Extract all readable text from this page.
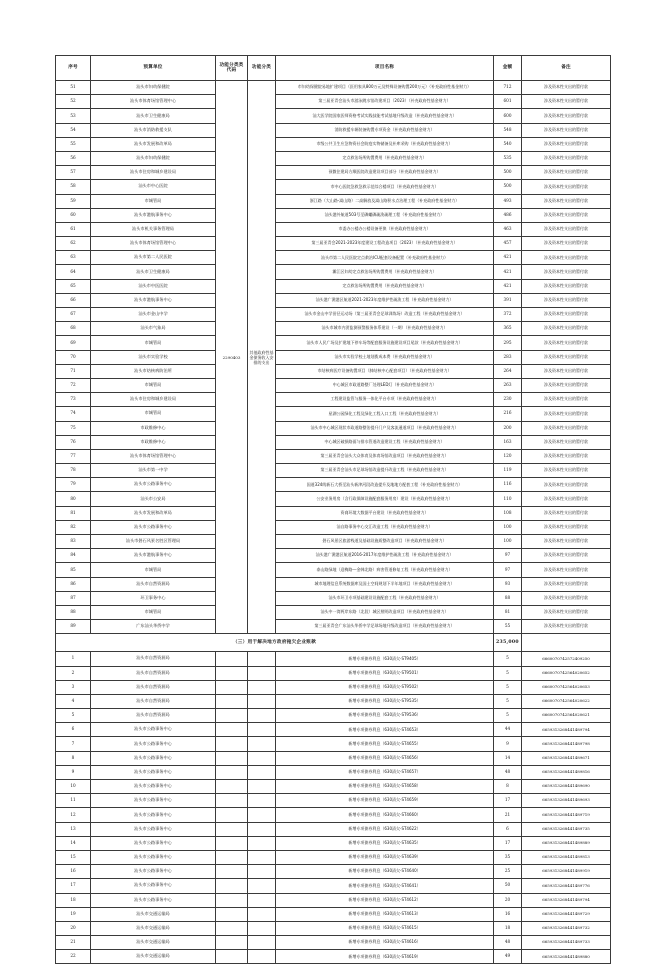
序号	预算单位	功能分类类代码	功能分类	项目名称	金额	备注
51	汕头市妇幼保健院	2290403	其他政府性基金债务收入安排的支出	市妇幼保健院易地扩建项目（医用家具800万元及特殊设备购置200万元）（补充政府性基金财力）	712	涉及资本性支出的暂付款
52	汕头市体育场馆管理中心			第三届亚青会汕头市游泳跳水馆改建项目（2023）（补充政府性基金财力）	601	涉及资本性支出的暂付款
53	汕头市卫生健康局			汕大医学院国家医师资格考试实践技能考试基地升级改造（补充政府性基金财力）	600	涉及资本性支出的暂付款
54	汕头市消防救援支队			消防救援车辆装备购置专项资金（补充政府性基金财力）	548	涉及资本性支出的暂付款
55	汕头市发展和改革局			市级公共卫生应急物资社会防疫实物储备及补库采购（补充政府性基金财力）	540	涉及资本性支出的暂付款
56	汕头市妇幼保健院			定点救治场所购置费用（补充政府性基金财力）	535	涉及资本性支出的暂付款
57	汕头市住房和城乡建设局			预微住建局方顺医院改造建设项目部分（补充政府性基金财力）	500	涉及资本性支出的暂付款
58	汕头市中心医院			市中心医院急救急救示范综合楼项目（补充政府性基金财力）	500	涉及资本性支出的暂付款
59	市城管局			浙江路（大山路-嵩山路）二高解放及嵩山路积水点治理工程（补充政府性基金财力）	493	涉及资本性支出的暂付款
60	汕头市港航事务中心			汕头港外航道503号至磷螺磷疏浚疏理工程（补充政府性基金财力）	486	涉及资本性支出的暂付款
61	汕头市机关事务管理局			市委办公楼办公楼设备更换（补充政府性基金财力）	463	涉及资本性支出的暂付款
62	汕头市体育场馆管理中心			第三届亚青会2021-2023年度建设工程改造项目（2023）（补充政府性基金财力）	457	涉及资本性支出的暂付款
63	汕头市第二人民医院			汕头市第二人民医院定点救治ICU配套设备配置（补充政府性基金财力）	421	涉及资本性支出的暂付款
64	汕头市卫生健康局			濉江区妇幼定点救治场所购置费用（补充政府性基金财力）	421	涉及资本性支出的暂付款
65	汕头市中医医院			定点救治场所购置费用（补充政府性基金财力）	421	涉及资本性支出的暂付款
66	汕头市港航事务中心			汕头港广澳港区航道2021-2023年度维护性疏浚工程（补充政府性基金财力）	391	涉及资本性支出的暂付款
67	汕头市金山中学			汕头市金山中学田径运动场（第三届亚青会足球训练场）改造工程（补充政府性基金财力）	372	涉及资本性支出的暂付款
68	汕头市气象局			汕头市城市内涝监测预警服务体系建设（一期）（补充政府性基金财力）	365	涉及资本性支出的暂付款
69	市城管局			汕头市人民广场及扩建地下停车场等配套服务设施建设项目尾款（补充政府性基金财力）	295	涉及资本性支出的暂付款
70	汕头市实验学校			汕头市实验学校土地划拨成本费（补充政府性基金财力）	283	涉及资本性支出的暂付款
71	汕头市结核病防治所			市结核病医疗设备购置项目（肺结核中心配套项目）（补充政府性基金财力）	264	涉及资本性支出的暂付款
72	市城管局			中心城区市政道路整厂处理LED灯（补充政府性基金财力）	263	涉及资本性支出的暂付款
73	汕头市住房和城乡建设局			工程建设监管与服务一体化平台专项（补充政府性基金财力）	230	涉及资本性支出的暂付款
74	市城管局			星湖公园绿化工程及绿化工程入口工程（补充政府性基金财力）	216	涉及资本性支出的暂付款
75	市政维修中心			汕头市中心城区现状市政道路整治提升门户及客流通道项目（补充政府性基金财力）	200	涉及资本性支出的暂付款
76	市政维修中心			中心城区破损路面与排水管道改造建设工程（补充政府性基金财力）	163	涉及资本性支出的暂付款
77	汕头市体育场馆管理中心			第三届亚青会汕头大众体育及体育场馆改造项目（补充政府性基金财力）	120	涉及资本性支出的暂付款
78	汕头市第一中学			第三届亚青会汕头市足球场馆改造提升改造工程（补充政府性基金财力）	119	涉及资本性支出的暂付款
79	汕头市公路事务中心			国道324线新石大桥至汕头新津河段改造提升及地地方配套工程（补充政府性基金财力）	116	涉及资本性支出的暂付款
80	汕头市公安局			公安业务用房（含行政保障设施配套服务用房）建设（补充政府性基金财力）	110	涉及资本性支出的暂付款
81	汕头市发展和改革局			资商环境大数据平台建设（补充政府性基金财力）	108	涉及资本性支出的暂付款
82	汕头市公路事务中心			汕自路事务中心交汇改造工程（补充政府性基金财力）	100	涉及资本性支出的暂付款
83	汕头市礐石风景名胜区管理局			礐石风景区旅游栈道及基础设施质整改造项目（补充政府性基金财力）	100	涉及资本性支出的暂付款
84	汕头市港航事务中心			汕头港广澳港区航道2016-2017年度维护性疏浚工程（补充政府性基金财力）	97	涉及资本性支出的暂付款
85	市城管局			泰山路绿地（迎梅路—金韩北路）病害管道修复工程（补充政府性基金财力）	97	涉及资本性支出的暂付款
86	汕头市自然资源局			城市地理信息系统数据库及国土空间规划下半年地项目（补充政府性基金财力）	93	涉及资本性支出的暂付款
87	环卫事务中心			汕头市环卫专项基础建设设施配套工程（补充政府性基金财力）	88	涉及资本性支出的暂付款
88	市城管局			汕头中一湾两岸东路（北段）城区照明改造项目（补充政府性基金财力）	81	涉及资本性支出的暂付款
89	广东汕头华侨中学			第三届亚青会广东汕头华侨中学足球场地升级改造项目（补充政府性基金财力）	55	涉及资本性支出的暂付款
（三）用于解决地方政府拖欠企业账款					235,000	
1	汕头市自然资源局			新增专项债券利息（630清欠-ST9405）	5	6660070742572409250
2	汕头市自然资源局			新增专项债券利息（630清欠-ST9501）	5	6660070742564020652
3	汕头市自然资源局			新增专项债券利息（630清欠-ST9502）	5	6660070742564020653
4	汕头市自然资源局			新增专项债券利息（630清欠-ST9535）	5	6660070742564020622
5	汕头市自然资源局			新增专项债券利息（630清欠-ST9536）	5	6660070742564020621
6	汕头市公路事务中心			新增专项债券利息（630清欠-ST4653）	44	6659313268441489794
7	汕头市公路事务中心			新增专项债券利息（630清欠-ST4655）	9	6659313268441489798
8	汕头市公路事务中心			新增专项债券利息（630清欠-ST4656）	14	6659313268441489671
9	汕头市公路事务中心			新增专项债券利息（630清欠-ST4657）	48	6659313268441489816
10	汕头市公路事务中心			新增专项债券利息（630清欠-ST4658）	8	6659313268441489690
11	汕头市公路事务中心			新增专项债券利息（630清欠-ST4659）	17	6659313268441489693
12	汕头市公路事务中心			新增专项债券利息（630清欠-ST4660）	21	6659313268441489719
13	汕头市公路事务中心			新增专项债券利息（630清欠-ST4622）	6	6659313268441489735
14	汕头市公路事务中心			新增专项债券利息（630清欠-ST4635）	17	6659313268441489889
15	汕头市公路事务中心			新增专项债券利息（630清欠-ST4639）	35	6659313268441489813
16	汕头市公路事务中心			新增专项债券利息（630清欠-ST4640）	25	6659313268441489919
17	汕头市公路事务中心			新增专项债券利息（630清欠-ST4641）	50	6659313268441489776
18	汕头市公路事务中心			新增专项债券利息（630清欠-ST4612）	20	6659313268441489794
19	汕头市交通运输局			新增专项债券利息（630清欠-ST4613）	16	6659313268441489729
20	汕头市交通运输局			新增专项债券利息（630清欠-ST4615）	18	6659313268441489732
21	汕头市交通运输局			新增专项债券利息（630清欠-ST4616）	48	6659313268441489733
22	汕头市交通运输局			新增专项债券利息（630清欠-ST4619）	49	6659313268441489880
